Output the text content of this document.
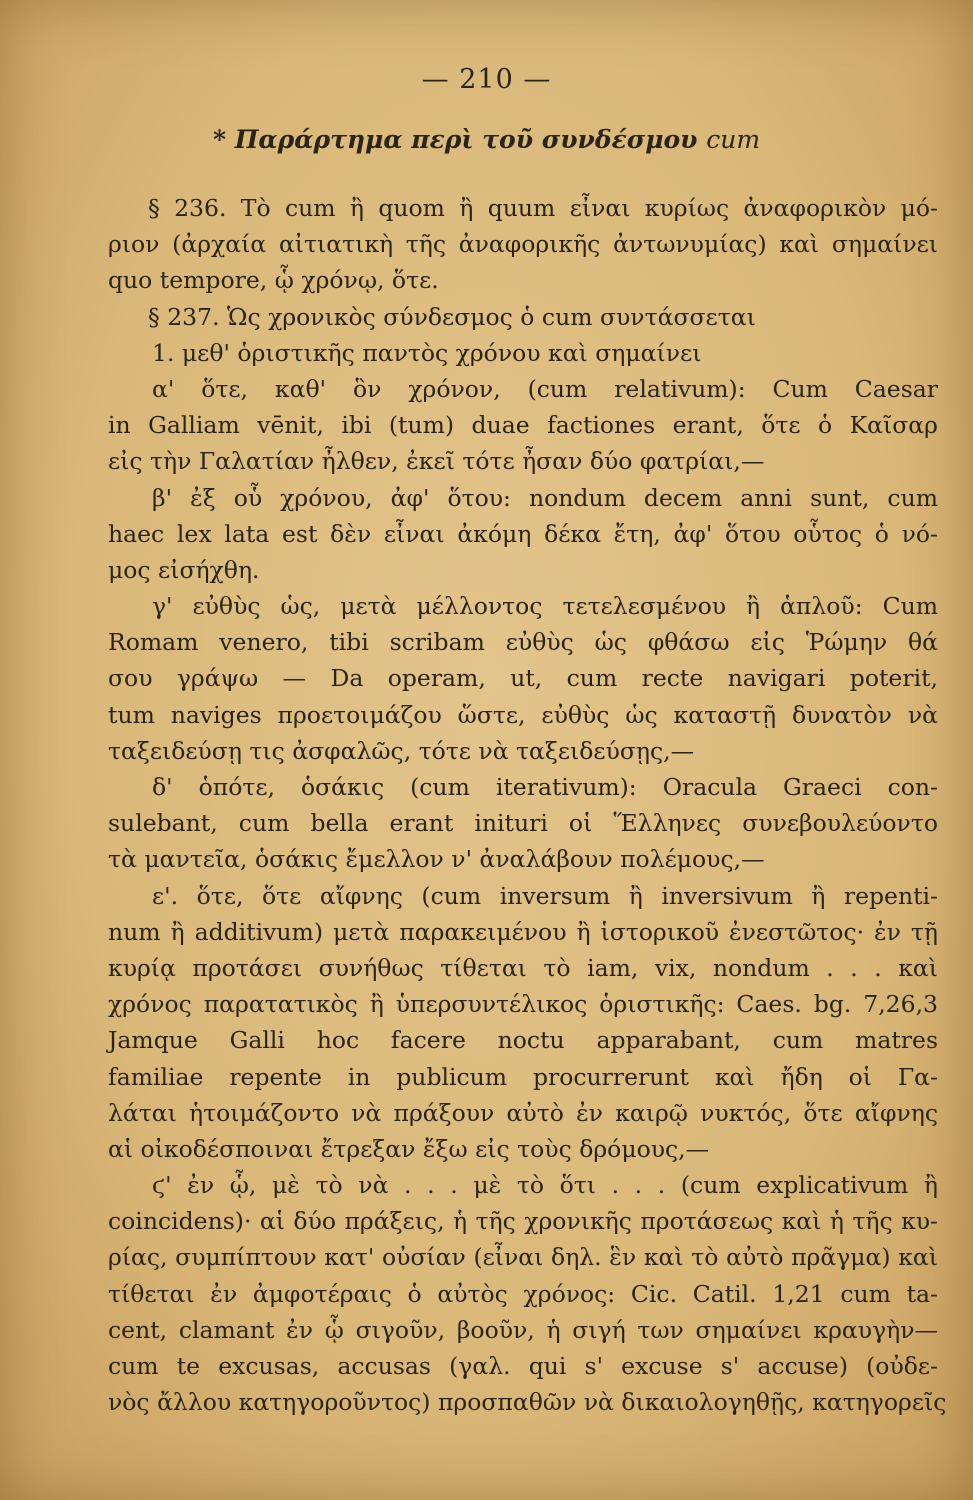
— 210 —
* Παράρτημα περὶ τοῦ συνδέσμου cum
§ 236. Τὸ cum ἢ quom ἢ quum εἶναι κυρίως ἀναφορικὸν μό-
ριον (ἀρχαία αἰτιατικὴ τῆς ἀναφορικῆς ἀντωνυμίας) καὶ σημαίνει
quo tempore, ᾧ χρόνῳ, ὅτε.
§ 237. Ὡς χρονικὸς σύνδεσμος ὁ cum συντάσσεται
1. μεθ' ὁριστικῆς παντὸς χρόνου καὶ σημαίνει
α' ὅτε, καθ' ὃν χρόνον, (cum relativum): Cum Caesar
in Galliam vēnit, ibi (tum) duae factiones erant, ὅτε ὁ Καῖσαρ
εἰς τὴν Γαλατίαν ἦλθεν, ἐκεῖ τότε ἦσαν δύο φατρίαι,—
β' ἐξ οὗ χρόνου, ἀφ' ὅτου: nondum decem anni sunt, cum
haec lex lata est δὲν εἶναι ἀκόμη δέκα ἔτη, ἀφ' ὅτου οὗτος ὁ νό-
μος εἰσήχθη.
γ' εὐθὺς ὡς, μετὰ μέλλοντος τετελεσμένου ἢ ἁπλοῦ: Cum
Romam venero, tibi scribam εὐθὺς ὡς φθάσω εἰς Ῥώμην θά
σου γράψω — Da operam, ut, cum recte navigari poterit,
tum naviges προετοιμάζου ὥστε, εὐθὺς ὡς καταστῇ δυνατὸν νὰ
ταξειδεύσῃ τις ἀσφαλῶς, τότε νὰ ταξειδεύσῃς,—
δ' ὁπότε, ὁσάκις (cum iterativum): Oracula Graeci con-
sulebant, cum bella erant inituri οἱ Ἕλληνες συνεβουλεύοντο
τὰ μαντεῖα, ὁσάκις ἔμελλον ν' ἀναλάβουν πολέμους,—
ε'. ὅτε, ὅτε αἴφνης (cum inversum ἢ inversivum ἢ repenti-
num ἢ additivum) μετὰ παρακειμένου ἢ ἱστορικοῦ ἐνεστῶτος· ἐν τῇ
κυρίᾳ προτάσει συνήθως τίθεται τὸ iam, vix, nondum . . . καὶ
χρόνος παρατατικὸς ἢ ὑπερσυντέλικος ὁριστικῆς: Caes. bg. 7,26,3
Jamque Galli hoc facere noctu apparabant, cum matres
familiae repente in publicum procurrerunt καὶ ἤδη οἱ Γα-
λάται ἡτοιμάζοντο νὰ πράξουν αὐτὸ ἐν καιρῷ νυκτός, ὅτε αἴφνης
αἱ οἰκοδέσποιναι ἔτρεξαν ἔξω εἰς τοὺς δρόμους,—
ϛ' ἐν ᾧ, μὲ τὸ νὰ . . . μὲ τὸ ὅτι . . . (cum explicativum ἢ
coincidens)· αἱ δύο πράξεις, ἡ τῆς χρονικῆς προτάσεως καὶ ἡ τῆς κυ-
ρίας, συμπίπτουν κατ' οὐσίαν (εἶναι δηλ. ἓν καὶ τὸ αὐτὸ πρᾶγμα) καὶ
τίθεται ἐν ἀμφοτέραις ὁ αὐτὸς χρόνος: Cic. Catil. 1,21 cum ta-
cent, clamant ἐν ᾧ σιγοῦν, βοοῦν, ἡ σιγή των σημαίνει κραυγὴν—
cum te excusas, accusas (γαλ. qui s' excuse s' accuse) (οὐδε-
νὸς ἄλλου κατηγοροῦντος) προσπαθῶν νὰ δικαιολογηθῇς, κατηγορεῖς
